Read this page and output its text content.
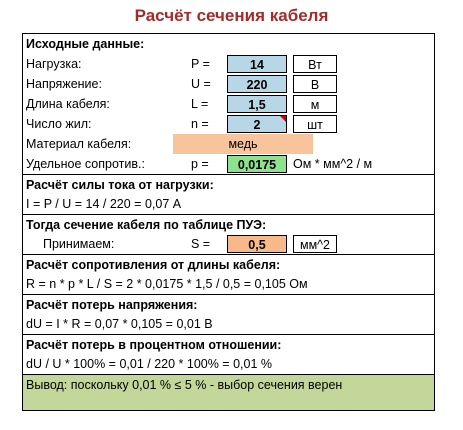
Расчёт сечения кабеля
Исходные данные:
Нагрузка:	P =	14	Вт
Напряжение:	U =	220	В
Длина кабеля:	L =	1,5	м
Число жил:	n =	2	шт
Материал кабеля:	медь
Удельное сопротив.:	р =	0,0175	Ом * мм^2 / м
Расчёт силы тока от нагрузки:
I = P / U = 14 / 220 = 0,07 А
Тогда сечение кабеля по таблице ПУЭ:
Принимаем:	S =	0,5	мм^2
Расчёт сопротивления от длины кабеля:
R = n * p * L / S = 2 * 0,0175 * 1,5 / 0,5 = 0,105 Ом
Расчёт потерь напряжения:
dU = I * R = 0,07 * 0,105 = 0,01 В
Расчёт потерь в процентном отношении:
dU / U * 100% = 0,01 / 220 * 100% = 0,01 %
Вывод: поскольку 0,01 % ≤ 5 % - выбор сечения верен
